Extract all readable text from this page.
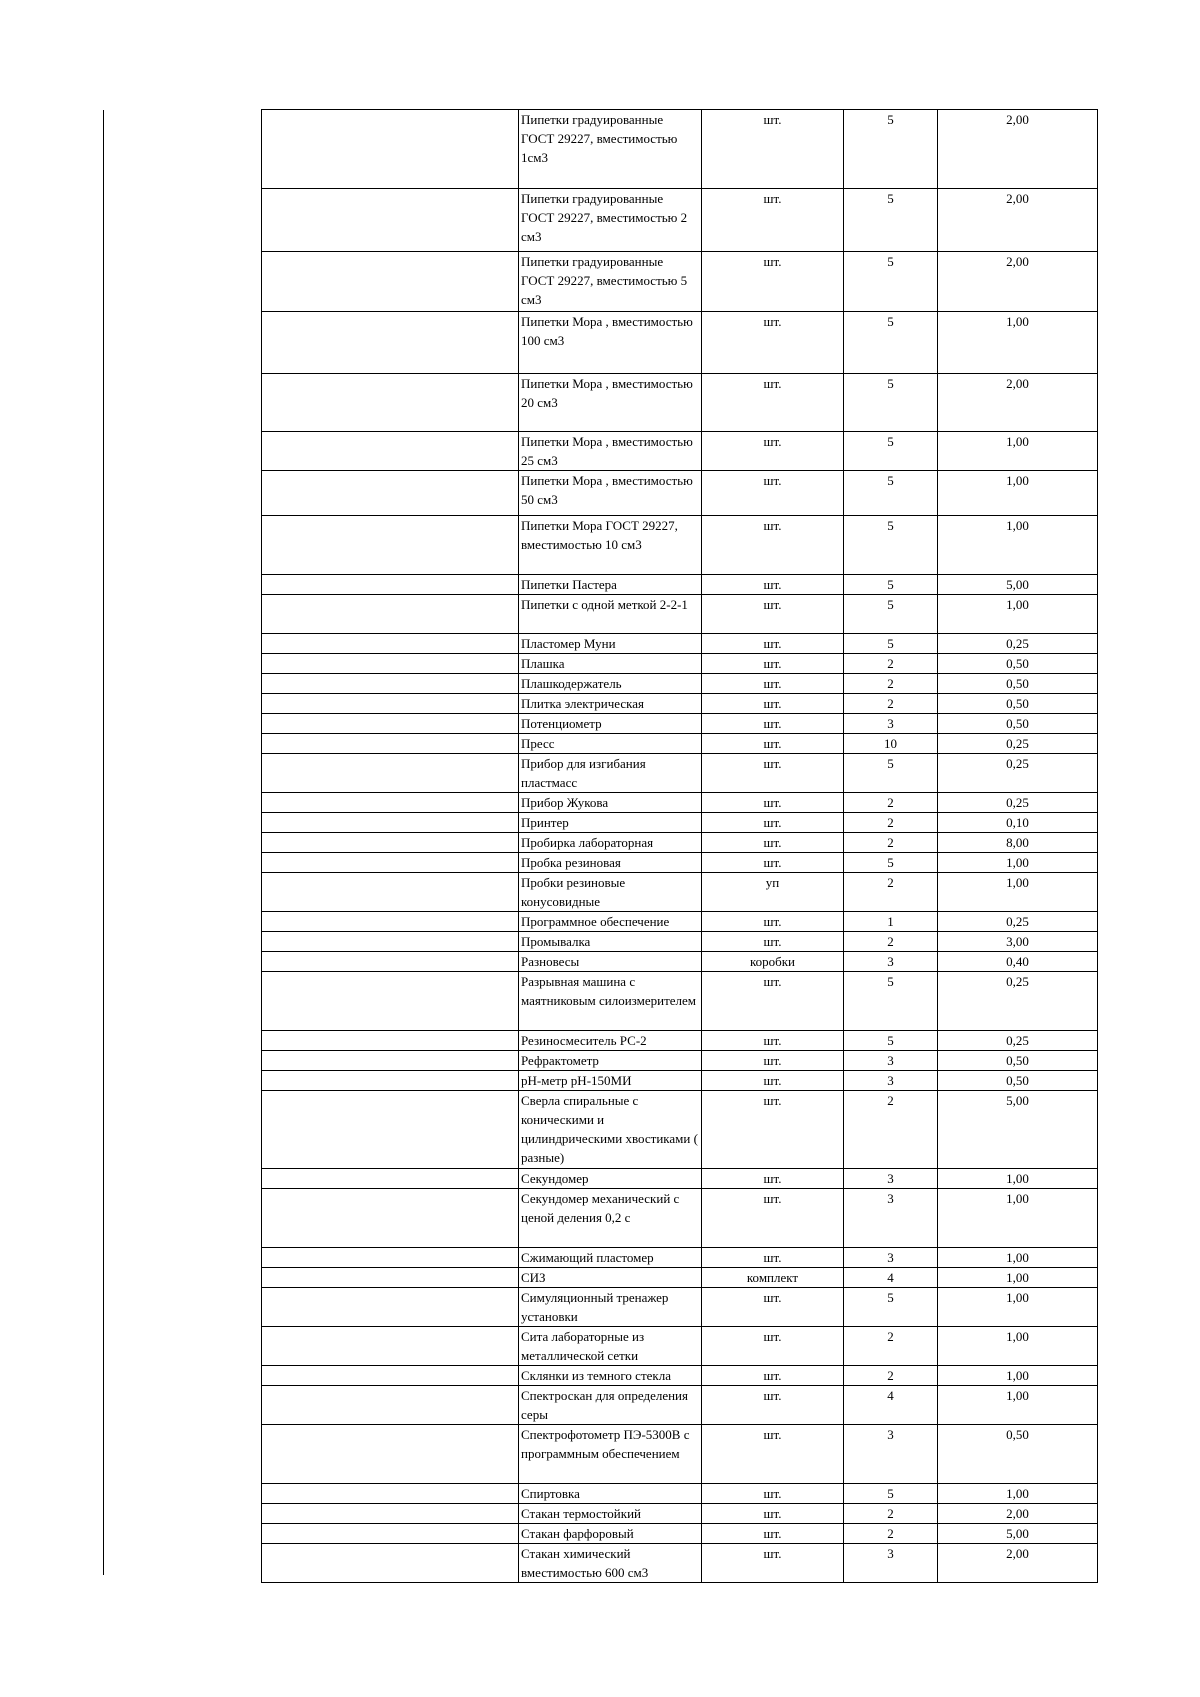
	Пипетки градуированные ГОСТ 29227, вместимостью 1см3	шт.	5	2,00
	Пипетки градуированные ГОСТ 29227, вместимостью 2 см3	шт.	5	2,00
	Пипетки градуированные ГОСТ 29227, вместимостью 5 см3	шт.	5	2,00
	Пипетки Мора , вместимостью 100 см3	шт.	5	1,00
	Пипетки Мора , вместимостью 20 см3	шт.	5	2,00
	Пипетки Мора , вместимостью 25 см3	шт.	5	1,00
	Пипетки Мора , вместимостью 50 см3	шт.	5	1,00
	Пипетки Мора ГОСТ 29227, вместимостью 10 см3	шт.	5	1,00
	Пипетки Пастера	шт.	5	5,00
	Пипетки с одной меткой 2-2-1	шт.	5	1,00
	Пластомер Муни	шт.	5	0,25
	Плашка	шт.	2	0,50
	Плашкодержатель	шт.	2	0,50
	Плитка электрическая	шт.	2	0,50
	Потенциометр	шт.	3	0,50
	Пресс	шт.	10	0,25
	Прибор для изгибания пластмасс	шт.	5	0,25
	Прибор Жукова	шт.	2	0,25
	Принтер	шт.	2	0,10
	Пробирка лабораторная	шт.	2	8,00
	Пробка резиновая	шт.	5	1,00
	Пробки резиновые конусовидные	уп	2	1,00
	Программное обеспечение	шт.	1	0,25
	Промывалка	шт.	2	3,00
	Разновесы	коробки	3	0,40
	Разрывная машина с маятниковым силоизмерителем	шт.	5	0,25
	Резиносмеситель РС-2	шт.	5	0,25
	Рефрактометр	шт.	3	0,50
	pH-метр pH-150МИ	шт.	3	0,50
	Сверла спиральные с коническими и цилиндрическими хвостиками ( разные)	шт.	2	5,00
	Секундомер	шт.	3	1,00
	Секундомер механический с ценой деления 0,2 с	шт.	3	1,00
	Сжимающий пластомер	шт.	3	1,00
	СИЗ	комплект	4	1,00
	Симуляционный тренажер установки	шт.	5	1,00
	Сита лабораторные из металлической сетки	шт.	2	1,00
	Склянки из темного стекла	шт.	2	1,00
	Спектроскан для определения серы	шт.	4	1,00
	Спектрофотометр ПЭ-5300В с программным обеспечением	шт.	3	0,50
	Спиртовка	шт.	5	1,00
	Стакан термостойкий	шт.	2	2,00
	Стакан фарфоровый	шт.	2	5,00
	Стакан химический вместимостью 600 см3	шт.	3	2,00
